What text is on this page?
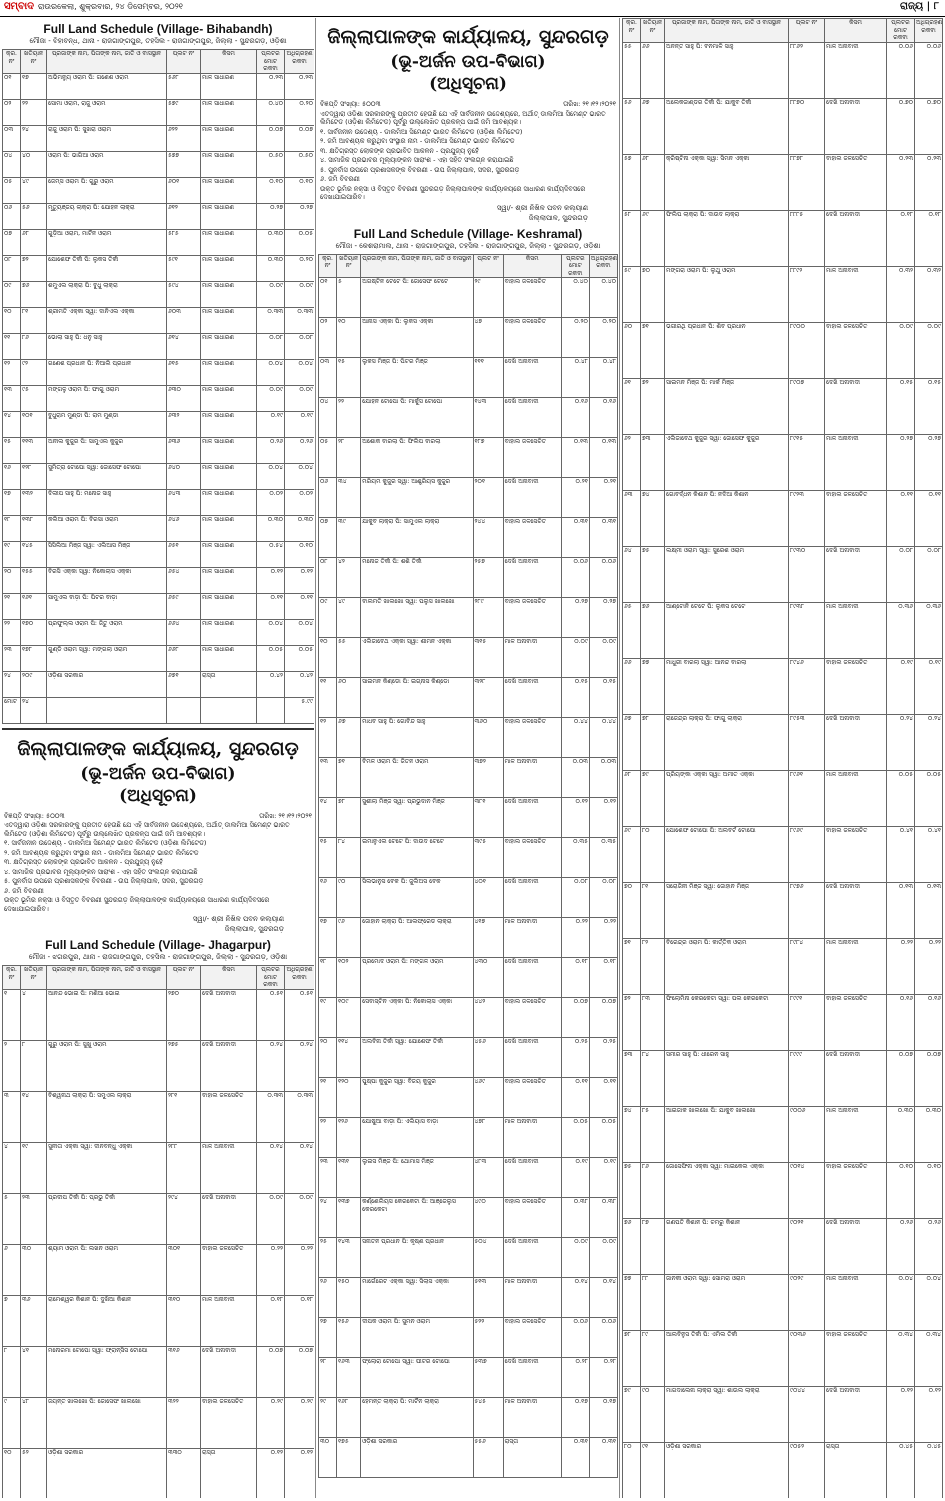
ସମ୍ବାଦ ରାଉରକେଲା, ଶୁକ୍ରବାର, ୨୪ ଡିସେମ୍ବର, ୨୦୨୧	ରାଜ୍ୟ | ୮
Full Land Schedule (Village- Bihabandh)
ମୌଜା - ବିହାବନ୍ଧ, ଥାନା - ରାଜଗାଙ୍ଗପୁର, ତହସିଲ - ରାଜଗାଙ୍ଗପୁର, ଜିଲ୍ଲା - ସୁନ୍ଦରଗଡ଼, ଓଡ଼ିଶା
କ୍ର. ନଂ	ଖତିୟାନ ନଂ	ପ୍ରଜାଙ୍କ ନାମ, ପିତାଙ୍କ ନାମ, ଜାତି ଓ ବାସସ୍ଥାନ	ପ୍ଲଟ ନଂ	କିସମ	ପ୍ଲଟର ମୋଟ ରକବା	ଅଧିଗ୍ରହଣ ରକବା
୦୧	୧୭	ଅଭିମନ୍ୟୁ ଓରାମ ପି: ଗଣେଶ ଓରାମ	୫୬୮	ମାଳ ସାଧାରଣ	୦.୨୩	୦.୨୩
୦୨	୨୨	ସୋମା ଓରାମ, ରାଜୁ ଓରାମ	୫୭୯	ମାଳ ସାଧାରଣ	୦.୪୦	୦.୨୦
୦୩	୨୪	ରାଜୁ ଓରାମ ପି: ସୁଖରା ଓରାମ	୬୨୨	ମାଳ ସାଧାରଣ	୦.୦୭	୦.୦୭
୦୪	୪୦	ଓରାମ ପି: ଭାଗିଆ ଓରାମ	୫୭୭	ମାଳ ସାଧାରଣ	୦.୫୦	୦.୫୦
୦୫	୪୯	ଜେମ୍ସ ଓରାମ ପି: ଗୁରୁ ଓରାମ	୬୦୧	ମାଳ ସାଧାରଣ	୦.୧୦	୦.୧୦
୦୬	୫୬	ମୃତ୍ୟୁଞ୍ଜୟ ଲାକ୍ରା ପି: ଯୋହନ ଲାକ୍ରା	୬୧୨	ମାଳ ସାଧାରଣ	୦.୨୭	୦.୨୭
୦୭	୬୮	ଗୁଡ଼ିଆ ଓରାମ, ମାର୍ଟିନ ଓରାମ	୫୮୫	ମାଳ ସାଧାରଣ	୦.୩୦	୦.୦୫
୦୮	୭୨	ଯୋଶେଫ ତିର୍କୀ ପି: ଲୁକସ ତିର୍କୀ	୫୯୧	ମାଳ ସାଧାରଣ	୦.୩୦	୦.୨୦
୦୯	୭୬	ଶମୁଏଲ ଲାକ୍ରା ପି: ବୁଧୁ ଲାକ୍ରା	୫୯୪	ମାଳ ସାଧାରଣ	୦.୦୯	୦.୦୯
୧୦	୮୧	ଶ୍ରୀମତି ଏକ୍କା ସ୍ୱା: ଦାନିଏଲ ଏକ୍କା	୬୦୩	ମାଳ ସାଧାରଣ	୦.୩୩	୦.୩୩
୧୧	୮୬	ଭୋଲା ସାହୁ ପି: ଧନୁ ସାହୁ	୬୧୪	ମାଳ ସାଧାରଣ	୦.୦୮	୦.୦୮
୧୨	୯୨	ଗଣେଶ ପ୍ରଧାନ ପି: ନିଆଲି ପ୍ରଧାନ	୬୧୫	ମାଳ ସାଧାରଣ	୦.୦୪	୦.୦୪
୧୩	୯୫	ମଙ୍ଗଳୁ ଓରାମ ପି: ଫାଗୁ ଓରାମ	୬୩୦	ମାଳ ସାଧାରଣ	୦.୦୯	୦.୦୯
୧୪	୧୦୧	ବୁଧୁରାମ ମୁଣ୍ଡା ପି: ରାମ ମୁଣ୍ଡା	୬୩୨	ମାଳ ସାଧାରଣ	୦.୧୯	୦.୧୯
୧୫	୧୧୩	ଅନୀଲ କୁଜୁର ପି: ସାମୁଏଲ କୁଜୁର	୬୩୬	ମାଳ ସାଧାରଣ	୦.୨୬	୦.୨୬
୧୬	୧୨୮	ସୁମିତ୍ରା ଟୋପୋ ସ୍ୱା: ଜୋସେଫ ଟୋପୋ	୬୪୦	ମାଳ ସାଧାରଣ	୦.୦୪	୦.୦୪
୧୭	୧୩୨	ଦିଲୀପ ସାହୁ ପି: ମନୋଜ ସାହୁ	୬୪୩	ମାଳ ସାଧାରଣ	୦.୦୨	୦.୦୨
୧୮	୧୩୮	କଲିଆ ଓରାମ ପି: ବିରସା ଓରାମ	୬୪୬	ମାଳ ସାଧାରଣ	୦.୩୦	୦.୩୦
୧୯	୧୪୫	ସିସିଲିଆ ମିଞ୍ଜ ସ୍ୱା: ଏଲିଆସ ମିଞ୍ଜ	୬୫୧	ମାଳ ସାଧାରଣ	୦.୫୪	୦.୧୦
୨୦	୧୫୫	ବିରସି ଏକ୍କା ସ୍ୱା: ନିକୋଲାସ ଏକ୍କା	୬୫୪	ମାଳ ସାଧାରଣ	୦.୧୨	୦.୧୨
୨୧	୧୬୧	ସାମୁଏଲ ବାଡ଼ା ପି: ପିଟର ବାଡ଼ା	୬୫୯	ମାଳ ସାଧାରଣ	୦.୧୧	୦.୧୧
୨୨	୧୭୦	ପ୍ରଫୁଲ୍ଲ ଓରାମ ପି: ଜିତୁ ଓରାମ	୬୬୪	ମାଳ ସାଧାରଣ	୦.୦୪	୦.୦୪
୨୩	୧୭୮	ଗୁଣ୍ଡି ଓରାମ ସ୍ୱା: ମଙ୍ଗଲା ଓରାମ	୬୬୮	ମାଳ ସାଧାରଣ	୦.୦୫	୦.୦୫
୨୪	୨୦୯	ଓଡ଼ିଶା ସରକାର	୬୭୧	ରାସ୍ତା	୦.୪୨	୦.୪୨
ମୋଟ	୨୪					୫.୯୯
ଜିଲ୍ଲାପାଳଙ୍କ କାର୍ଯ୍ୟାଳୟ, ସୁନ୍ଦରଗଡ଼
(ଭୂ-ଅର୍ଜନ ଉପ-ବିଭାଗ)
(ଅଧିସୂଚନା)
ବିଜ୍ଞପ୍ତି ସଂଖ୍ୟା: ୫୦୦୩	ତାରିଖ: ୨୧।୧୨।୨୦୨୧
ଏତଦ୍ୱାରା ଓଡ଼ିଶା ସରକାରଙ୍କୁ ପ୍ରତୀତ ହେଉଛି ଯେ ଏହି ସାର୍ବଜନୀନ ଉଦ୍ଦେଶ୍ୟରେ, ଅର୍ଥାତ୍ ଡାଲମିଆ ସିମେଣ୍ଟ ଭାରତ ଲିମିଟେଡ (ଓଡ଼ିଶା ଲିମିଟେଡ) ପୂର୍ବରୁ ଉଲ୍ଲେଖିତ ପ୍ରକଳ୍ପ ପାଇଁ ଜମି ଆବଶ୍ୟକ।
୧. ସାର୍ବଜନୀନ ଉଦ୍ଦେଶ୍ୟ - ଡାଲମିଆ ସିମେଣ୍ଟ ଭାରତ ଲିମିଟେଡ (ଓଡ଼ିଶା ଲିମିଟେଡ)
୨. ଜମି ଆବଶ୍ୟକ କରୁଥିବା ସଂସ୍ଥାର ନାମ - ଡାଲମିଆ ସିମେଣ୍ଟ ଭାରତ ଲିମିଟେଡ
୩. କ୍ଷତିଗ୍ରସ୍ତ ଲୋକଙ୍କ ପ୍ରଭାବିତ ଆକଳନ - ପ୍ରଯୁଜ୍ୟ ନୁହେଁ
୪. ସାମାଜିକ ପ୍ରଭାବର ମୂଲ୍ୟାଙ୍କନ ସାରାଂଶ - ଏହା ସହିତ ସଂଲଗ୍ନ କରାଯାଇଛି
୫. ପୁନର୍ବାସ ଉପରେ ପ୍ରଶାସକଙ୍କ ବିବରଣୀ - ଉପ ଜିଲ୍ଲାପାଳ, ସଦର, ସୁନ୍ଦରଗଡ଼
୬. ଜମି ବିବରଣୀ
ଉକ୍ତ ଭୂମିର ନକ୍ସା ଓ ବିସ୍ତୃତ ବିବରଣୀ ସୁନ୍ଦରଗଡ଼ ଜିଲ୍ଲାପାଳଙ୍କ କାର୍ଯ୍ୟାଳୟରେ ସାଧାରଣ କାର୍ଯ୍ୟଦିବସରେ ଦେଖାଯାଇପାରିବ।
ସ୍ୱା/- ଶ୍ରୀ ନିଖିଳ ପବନ କଲ୍ୟାଣ
ଜିଲ୍ଲାପାଳ, ସୁନ୍ଦରଗଡ଼
Full Land Schedule (Village- Jhagarpur)
ମୌଜା - ଝଗରପୁର, ଥାନା - ରାଜଗାଙ୍ଗପୁର, ତହସିଲ - ରାଜଗାଙ୍ଗପୁର, ଜିଲ୍ଲା - ସୁନ୍ଦରଗଡ଼, ଓଡ଼ିଶା
କ୍ର. ନଂ	ଖତିୟାନ ନଂ	ପ୍ରଜାଙ୍କ ନାମ, ପିତାଙ୍କ ନାମ, ଜାତି ଓ ବାସସ୍ଥାନ	ପ୍ଲଟ ନଂ	କିସମ	ପ୍ଲଟର ମୋଟ ରକବା	ଅଧିଗ୍ରହଣ ରକବା
୧	୪	ଆନନ୍ଦ ଭୋଇ ପି: ମଣିଆ ଭୋଇ	୨୭୦	ଦେଖି ଅନାବାଦୀ	୦.୫୧	୦.୫୧
୨	୮	ଗୁରୁ ଓରାମ ପି: ସୁଖୁ ଓରାମ	୨୭୫	ଦେଖି ଅନାବାଦୀ	୦.୨୪	୦.୨୪
୩	୧୪	ବିଶ୍ୱନାଥ ଲାକ୍ରା ପି: ସମୁଏଲ ଲାକ୍ରା	୨୮୧	ବାହାଲ ଜଳସେଚିତ	୦.୩୩	୦.୩୩
୪	୧୯	ସୁନୀତା ଏକ୍କା ସ୍ୱା: ଦୀନବନ୍ଧୁ ଏକ୍କା	୨୮୮	ମାଳ ଅନାବାଦୀ	୦.୧୪	୦.୧୪
୫	୨୩	ପ୍ରଦୀପ ତିର୍କୀ ପି: ପ୍ରଭୁ ତିର୍କୀ	୨୯୪	ଦେଖି ଅନାବାଦୀ	୦.୦୯	୦.୦୯
୬	୩୦	ଶ୍ୟାମ ଓରାମ ପି: ଲଖନ ଓରାମ	୩୦୧	ବାହାଲ ଜଳସେଚିତ	୦.୨୨	୦.୨୨
୭	୩୬	ରାମେଶ୍ୱର କିଶାନ ପି: ଦୁଖିଆ କିଶାନ	୩୧୦	ମାଳ ଅନାବାଦୀ	୦.୧୮	୦.୧୮
୮	୪୧	ମନୋରମା ଟୋପୋ ସ୍ୱା: ଫ୍ରାନ୍ସିସ ଟୋପୋ	୩୧୬	ଦେଖି ଅନାବାଦୀ	୦.୦୭	୦.୦୭
୯	୪୮	ଜୟନ୍ତ ଖାଲଖୋ ପି: ଜୋସେଫ ଖାଲଖୋ	୩୨୨	ବାହାଲ ଜଳସେଚିତ	୦.୨୯	୦.୨୯
୧୦	୫୨	ଓଡ଼ିଶା ସରକାର	୩୩୦	ରାସ୍ତା	୦.୧୨	୦.୧୨
ଜିଲ୍ଲାପାଳଙ୍କ କାର୍ଯ୍ୟାଳୟ, ସୁନ୍ଦରଗଡ଼
(ଭୂ-ଅର୍ଜନ ଉପ-ବିଭାଗ)
(ଅଧିସୂଚନା)
ବିଜ୍ଞପ୍ତି ସଂଖ୍ୟା: ୫୦୦୩	ତାରିଖ: ୨୧।୧୨।୨୦୨୧
ଏତଦ୍ୱାରା ଓଡ଼ିଶା ସରକାରଙ୍କୁ ପ୍ରତୀତ ହେଉଛି ଯେ ଏହି ସାର୍ବଜନୀନ ଉଦ୍ଦେଶ୍ୟରେ, ଅର୍ଥାତ୍ ଡାଲମିଆ ସିମେଣ୍ଟ ଭାରତ ଲିମିଟେଡ (ଓଡ଼ିଶା ଲିମିଟେଡ) ପୂର୍ବରୁ ଉଲ୍ଲେଖିତ ପ୍ରକଳ୍ପ ପାଇଁ ଜମି ଆବଶ୍ୟକ।
୧. ସାର୍ବଜନୀନ ଉଦ୍ଦେଶ୍ୟ - ଡାଲମିଆ ସିମେଣ୍ଟ ଭାରତ ଲିମିଟେଡ (ଓଡ଼ିଶା ଲିମିଟେଡ)
୨. ଜମି ଆବଶ୍ୟକ କରୁଥିବା ସଂସ୍ଥାର ନାମ - ଡାଲମିଆ ସିମେଣ୍ଟ ଭାରତ ଲିମିଟେଡ
୩. କ୍ଷତିଗ୍ରସ୍ତ ଲୋକଙ୍କ ପ୍ରଭାବିତ ଆକଳନ - ପ୍ରଯୁଜ୍ୟ ନୁହେଁ
୪. ସାମାଜିକ ପ୍ରଭାବର ମୂଲ୍ୟାଙ୍କନ ସାରାଂଶ - ଏହା ସହିତ ସଂଲଗ୍ନ କରାଯାଇଛି
୫. ପୁନର୍ବାସ ଉପରେ ପ୍ରଶାସକଙ୍କ ବିବରଣୀ - ଉପ ଜିଲ୍ଲାପାଳ, ସଦର, ସୁନ୍ଦରଗଡ଼
୬. ଜମି ବିବରଣୀ
ଉକ୍ତ ଭୂମିର ନକ୍ସା ଓ ବିସ୍ତୃତ ବିବରଣୀ ସୁନ୍ଦରଗଡ଼ ଜିଲ୍ଲାପାଳଙ୍କ କାର୍ଯ୍ୟାଳୟରେ ସାଧାରଣ କାର୍ଯ୍ୟଦିବସରେ ଦେଖାଯାଇପାରିବ।
ସ୍ୱା/- ଶ୍ରୀ ନିଖିଳ ପବନ କଲ୍ୟାଣ
ଜିଲ୍ଲାପାଳ, ସୁନ୍ଦରଗଡ଼
Full Land Schedule (Village- Keshramal)
ମୌଜା - କେଶରାମାଲ, ଥାନା - ରାଜଗାଙ୍ଗପୁର, ତହସିଲ - ରାଜଗାଙ୍ଗପୁର, ଜିଲ୍ଲା - ସୁନ୍ଦରଗଡ଼, ଓଡ଼ିଶା
କ୍ର. ନଂ	ଖତିୟାନ ନଂ	ପ୍ରଜାଙ୍କ ନାମ, ପିତାଙ୍କ ନାମ, ଜାତି ଓ ବାସସ୍ଥାନ	ପ୍ଲଟ ନଂ	କିସମ	ପ୍ଲଟର ମୋଟ ରକବା	ଅଧିଗ୍ରହଣ ରକବା
୦୧	୫	ଅଗଷ୍ଟିନ ଟେଟେ ପି: ଜୋସେଫ ଟେଟେ	୨୯	ବାହାଲ ଜଳସେଚିତ	୦.୪୦	୦.୪୦
୦୨	୧୦	ଆନାସ ଏକ୍କା ପି: ଲୁକସ ଏକ୍କା	୪୭	ବାହାଲ ଜଳସେଚିତ	୦.୨୦	୦.୨୦
୦୩	୧୫	ଲୁକସ ମିଞ୍ଜ ପି: ପିଟର ମିଞ୍ଜ	୧୧୧	ଦେଖି ଅନାବାଦୀ	୦.୪୮	୦.୪୮
୦୪	୨୨	ଯୋହନ ଟୋପୋ ପି: ମାର୍କୁସ ଟୋପୋ	୧୪୩	ଦେଖି ଅନାବାଦୀ	୦.୧୬	୦.୧୬
୦୫	୨୮	ଅଶୋକ ବାରଲା ପି: ଫିଲିପ ବାରଲା	୧୮୭	ବାହାଲ ଜଳସେଚିତ	୦.୧୩	୦.୧୩
୦୬	୩୪	ମରିୟମ କୁଜୁର ସ୍ୱା: ଆଣ୍ଡ୍ରିୟସ କୁଜୁର	୨୦୧	ଦେଖି ଅନାବାଦୀ	୦.୨୧	୦.୨୧
୦୭	୩୯	ଯାକୁବ ଲାକ୍ରା ପି: ସାମୁଏଲ ଲାକ୍ରା	୨୪୪	ବାହାଲ ଜଳସେଚିତ	୦.୩୧	୦.୩୧
୦୮	୪୨	ମନୋଜ ତିର୍କୀ ପି: ଶଶି ତିର୍କୀ	୨୫୭	ଦେଖି ଅନାବାଦୀ	୦.୦୬	୦.୦୬
୦୯	୪୯	ବାଲମତି ଖାଲଖୋ ସ୍ୱା: ପଲୁସ ଖାଲଖୋ	୨୮୯	ବାହାଲ ଜଳସେଚିତ	୦.୨୭	୦.୨୭
୧୦	୫୫	ଏଲିଜାବେଥ ଏକ୍କା ସ୍ୱା: ଶୀମନ ଏକ୍କା	୩୧୫	ମାଳ ଅନାବାଦୀ	୦.୦୯	୦.୦୯
୧୧	୬୦	ସାଇମନ କିଣ୍ଡୋ ପି: ଇଗ୍ନାସ କିଣ୍ଡୋ	୩୨୮	ଦେଖି ଅନାବାଦୀ	୦.୧୫	୦.୧୫
୧୨	୬୭	ମାଧବ ସାହୁ ପି: ଗୋବିନ୍ଦ ସାହୁ	୩୬୦	ବାହାଲ ଜଳସେଚିତ	୦.୪୪	୦.୪୪
୧୩	୭୧	ବିମଳ ଓରାମ ପି: ଜିତନ ଓରାମ	୩୭୨	ମାଳ ଅନାବାଦୀ	୦.୦୩	୦.୦୩
୧୪	୭୮	ସୁଶୀଲା ମିଞ୍ଜ ସ୍ୱା: ପ୍ରଭୁଦାନ ମିଞ୍ଜ	୩୮୧	ଦେଖି ଅନାବାଦୀ	୦.୧୨	୦.୧୨
୧୫	୮୪	ଇମାନୁଏଲ ଟେଟେ ପି: ଦାଉଦ ଟେଟେ	୩୯୫	ବାହାଲ ଜଳସେଚିତ	୦.୩୫	୦.୩୫
୧୬	୯୦	ସିଲଭାନୁସ ବେକ ପି: ଜୁଲିଅସ ବେକ	୪୦୧	ଦେଖି ଅନାବାଦୀ	୦.୦୮	୦.୦୮
୧୭	୯୬	ଜୋହାନ ଲାକ୍ରା ପି: ଆଲଫ୍ରେଡ ଲାକ୍ରା	୪୧୭	ମାଳ ଅନାବାଦୀ	୦.୨୨	୦.୨୨
୧୮	୧୦୨	ପ୍ରମୋଦ ଓରାମ ପି: ମଙ୍ଗଳ ଓରାମ	୪୩୦	ଦେଖି ଅନାବାଦୀ	୦.୧୮	୦.୧୮
୧୯	୧୦୯	ସେବାସ୍ଟିନ ଏକ୍କା ପି: ନିକୋଲାସ ଏକ୍କା	୪୪୨	ବାହାଲ ଜଳସେଚିତ	୦.୦୭	୦.୦୭
୨୦	୧୧୪	ଅଲବିନା ତିର୍କୀ ସ୍ୱା: ଯୋଶେଫ ତିର୍କୀ	୪୫୬	ଦେଖି ଅନାବାଦୀ	୦.୨୫	୦.୨୫
୨୧	୧୨୦	ପୁଷ୍ପା କୁଜୁର ସ୍ୱା: ବିଜୟ କୁଜୁର	୪୬୯	ବାହାଲ ଜଳସେଚିତ	୦.୧୧	୦.୧୧
୨୨	୧୨୬	ଯୋଷୁଆ ବାଡ଼ା ପି: ଏଲିୟାସ ବାଡ଼ା	୪୭୮	ମାଳ ଅନାବାଦୀ	୦.୦୫	୦.୦୫
୨୩	୧୩୧	ଲୁଇସ ମିଞ୍ଜ ପି: ଥୋମାସ ମିଞ୍ଜ	୪୮୩	ଦେଖି ଅନାବାଦୀ	୦.୧୯	୦.୧୯
୨୪	୧୩୭	କର୍ଣ୍ଣେଲିୟସ କେରକେଟା ପି: ଆଞ୍ଜେଲୁସ କେରକେଟା	୪୯୦	ବାହାଲ ଜଳସେଚିତ	୦.୩୮	୦.୩୮
୨୫	୧୪୩	ସନାତନ ପ୍ରଧାନ ପି: କୃଷ୍ଣ ପ୍ରଧାନ	୫୦୪	ଦେଖି ଅନାବାଦୀ	୦.୦୯	୦.୦୯
୨୬	୧୫୦	ମାର୍ଗେରେଟ ଏକ୍କା ସ୍ୱା: ସିଲାସ ଏକ୍କା	୫୧୩	ମାଳ ଅନାବାଦୀ	୦.୧୪	୦.୧୪
୨୭	୧୫୬	ଦୀପକ ଓରାମ ପି: ସୁମନ ଓରାମ	୫୨୨	ବାହାଲ ଜଳସେଚିତ	୦.୦୬	୦.୦୬
୨୮	୧୬୩	ଫ୍ଲୋରା ଟୋପୋ ସ୍ୱା: ପୀଟର ଟୋପୋ	୫୩୭	ଦେଖି ଅନାବାଦୀ	୦.୨୮	୦.୨୮
୨୯	୧୬୮	ହେମନ୍ତ ଲାକ୍ରା ପି: ମାର୍ଟିନ ଲାକ୍ରା	୫୪୫	ମାଳ ଅନାବାଦୀ	୦.୧୭	୦.୧୭
୩୦	୧୭୫	ଓଡ଼ିଶା ସରକାର	୫୫୬	ରାସ୍ତା	୦.୩୧	୦.୩୧
କ୍ର. ନଂ	ଖତିୟାନ ନଂ	ପ୍ରଜାଙ୍କ ନାମ, ପିତାଙ୍କ ନାମ, ଜାତି ଓ ବାସସ୍ଥାନ	ପ୍ଲଟ ନଂ	କିସମ	ପ୍ଲଟର ମୋଟ ରକବା	ଅଧିଗ୍ରହଣ ରକବା
୫୫	୬୬	ଅନନ୍ତ ସାହୁ ପି: ବନମାଳି ସାହୁ	୮୮୬୨	ମାଳ ଅନାବାଦୀ	୦.୦୬	୦.୦୬
୫୬	୬୭	ଅଲେକଜାଣ୍ଡର ତିର୍କୀ ପି: ଯାକୁବ ତିର୍କୀ	୮୮୭୦	ଦେଖି ଅନାବାଦୀ	୦.୭୦	୦.୭୦
୫୭	୬୮	କ୍ରିଷ୍ଟିନା ଏକ୍କା ସ୍ୱା: ସିମନ ଏକ୍କା	୮୮୭୮	ବାହାଲ ଜଳସେଚିତ	୦.୨୩	୦.୨୩
୫୮	୬୯	ଫିଲିପ ଲାକ୍ରା ପି: ଦାଉଦ ଲାକ୍ରା	୮୮୮୫	ଦେଖି ଅନାବାଦୀ	୦.୧୮	୦.୧୮
୫୯	୭୦	ମଙ୍ଗରା ଓରାମ ପି: ଲୁଥୁ ଓରାମ	୮୮୯୨	ମାଳ ଅନାବାଦୀ	୦.୩୨	୦.୩୨
୬୦	୭୧	ଭଗୀରଥି ପ୍ରଧାନ ପି: ଶିବ ପ୍ରଧାନ	୮୯୦୦	ବାହାଲ ଜଳସେଚିତ	୦.୦୯	୦.୦୯
୬୧	୭୨	ସାଇମନ ମିଞ୍ଜ ପି: ମାର୍କ ମିଞ୍ଜ	୮୯୦୭	ଦେଖି ଅନାବାଦୀ	୦.୧୫	୦.୧୫
୬୨	୭୩	ଏଲିଜାବେଥ କୁଜୁର ସ୍ୱା: ଜୋସେଫ କୁଜୁର	୮୯୧୫	ମାଳ ଅନାବାଦୀ	୦.୨୭	୦.୨୭
୬୩	୭୪	ଗୋବର୍ଦ୍ଧନ କିଶାନ ପି: ନଦିଆ କିଶାନ	୮୯୨୩	ବାହାଲ ଜଳସେଚିତ	୦.୧୧	୦.୧୧
୬୪	୭୫	ଲକ୍ଷ୍ମୀ ଓରାମ ସ୍ୱା: ସୁରେଶ ଓରାମ	୮୯୩୦	ଦେଖି ଅନାବାଦୀ	୦.୦୮	୦.୦୮
୬୫	୭୬	ଆଣ୍ଟୋନି ଟେଟେ ପି: ଲୁକସ ଟେଟେ	୮୯୩୮	ମାଳ ଅନାବାଦୀ	୦.୩୬	୦.୩୬
୬୬	୭୭	ମାଧୁରୀ ବାରଲା ସ୍ୱା: ଆନନ୍ଦ ବାରଲା	୮୯୪୬	ବାହାଲ ଜଳସେଚିତ	୦.୧୯	୦.୧୯
୬୭	୭୮	ରାଜେନ୍ଦ୍ର ଲାକ୍ରା ପି: ଫାଗୁ ଲାକ୍ରା	୮୯୫୩	ଦେଖି ଅନାବାଦୀ	୦.୨୪	୦.୨୪
୬୮	୭୯	ପ୍ରିୟଙ୍କା ଏକ୍କା ସ୍ୱା: ଅମୀତ ଏକ୍କା	୮୯୬୧	ମାଳ ଅନାବାଦୀ	୦.୦୫	୦.୦୫
୬୯	୮୦	ଯୋଶେଫ ଟୋପୋ ପି: ଅଲବର୍ଟ ଟୋପୋ	୮୯୬୯	ବାହାଲ ଜଳସେଚିତ	୦.୪୧	୦.୪୧
୭୦	୮୧	ସରୋଜିନୀ ମିଞ୍ଜ ସ୍ୱା: ଜୋହାନ ମିଞ୍ଜ	୮୯୭୬	ଦେଖି ଅନାବାଦୀ	୦.୧୩	୦.୧୩
୭୧	୮୨	ବିରେନ୍ଦ୍ର ଓରାମ ପି: କାର୍ତ୍ତିକ ଓରାମ	୮୯୮୪	ମାଳ ଅନାବାଦୀ	୦.୨୨	୦.୨୨
୭୨	୮୩	ଫିଲୋମିନା କେରକେଟା ସ୍ୱା: ପଲ କେରକେଟା	୮୯୯୧	ବାହାଲ ଜଳସେଚିତ	୦.୧୬	୦.୧୬
୭୩	୮୪	ସମୀର ସାହୁ ପି: ଧୀରେନ ସାହୁ	୮୯୯୯	ଦେଖି ଅନାବାଦୀ	୦.୦୭	୦.୦୭
୭୪	୮୫	ଆଇଜାକ ଖାଲଖୋ ପି: ଯାକୁବ ଖାଲଖୋ	୯୦୦୬	ମାଳ ଅନାବାଦୀ	୦.୩୦	୦.୩୦
୭୫	୮୬	ଜୋସେଫିନା ଏକ୍କା ସ୍ୱା: ମାଇକେଲ ଏକ୍କା	୯୦୧୪	ବାହାଲ ଜଳସେଚିତ	୦.୧୦	୦.୧୦
୭୬	୮୭	ଗଣପତି କିଶାନ ପି: ଚମରୁ କିଶାନ	୯୦୨୧	ଦେଖି ଅନାବାଦୀ	୦.୨୬	୦.୨୬
୭୭	୮୮	ଜାନକୀ ଓରାମ ସ୍ୱା: ସୋମରା ଓରାମ	୯୦୨୯	ମାଳ ଅନାବାଦୀ	୦.୦୪	୦.୦୪
୭୮	୮୯	ଆଲବିନୁସ ତିର୍କୀ ପି: ଏମିଲ ତିର୍କୀ	୯୦୩୬	ବାହାଲ ଜଳସେଚିତ	୦.୩୪	୦.୩୪
୭୯	୯୦	ମାଗଦାଲେନା ଲାକ୍ରା ସ୍ୱା: ଶାଉଲ ଲାକ୍ରା	୯୦୪୪	ଦେଖି ଅନାବାଦୀ	୦.୧୨	୦.୧୨
୮୦	୯୧	ଓଡ଼ିଶା ସରକାର	୯୦୫୨	ରାସ୍ତା	୦.୪୫	୦.୪୫
